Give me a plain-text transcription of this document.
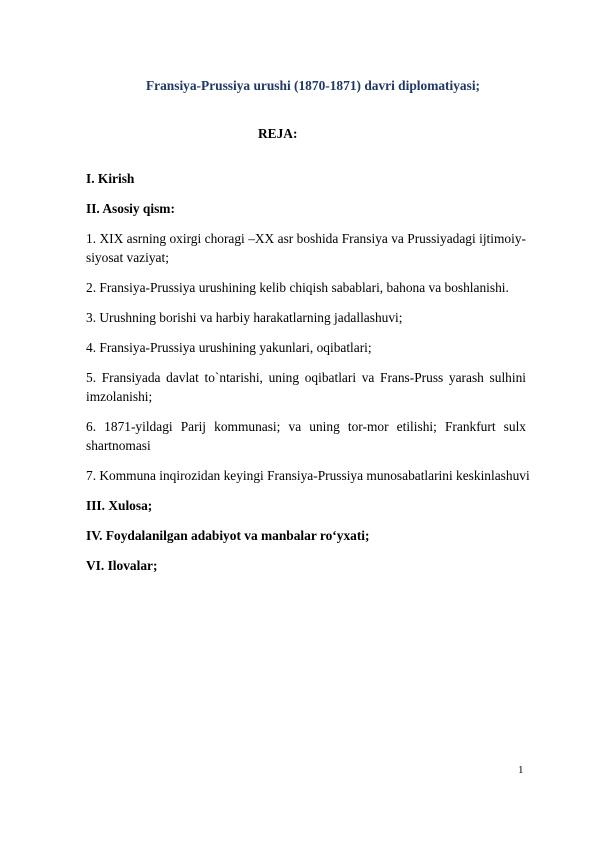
Fransiya-Prussiya urushi (1870-1871) davri diplomatiyasi;

REJA:

I. Kirish

II. Asosiy qism:

1. XIX asrning oxirgi choragi –XX asr boshida Fransiya va Prussiyadagi ijtimoiy-siyosat vaziyat;

2. Fransiya-Prussiya urushining kelib chiqish sabablari, bahona va boshlanishi.

3. Urushning borishi va harbiy harakatlarning jadallashuvi;

4. Fransiya-Prussiya urushining yakunlari, oqibatlari;

5. Fransiyada davlat to`ntarishi, uning oqibatlari va Frans-Pruss yarash sulhini imzolanishi;

6. 1871-yildagi Parij kommunasi; va uning tor-mor etilishi; Frankfurt sulx shartnomasi

7. Kommuna inqirozidan keyingi Fransiya-Prussiya munosabatlarini keskinlashuvi

III. Xulosa;

IV. Foydalanilgan adabiyot va manbalar ro‘yxati;

VI. Ilovalar;

1
